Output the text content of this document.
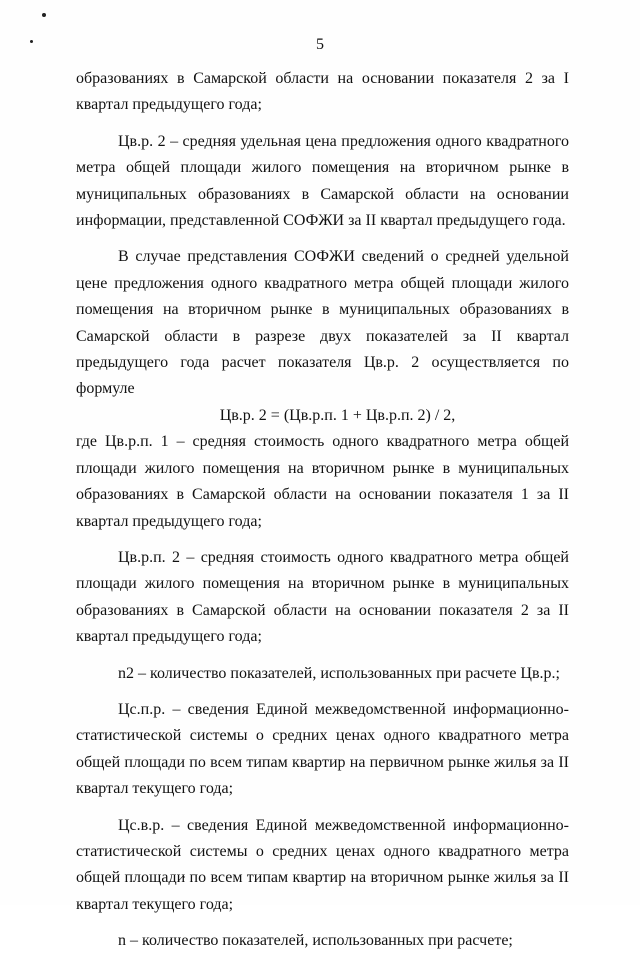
5

образованиях в Самарской области на основании показателя 2 за I квартал предыдущего года;

Цв.р. 2 – средняя удельная цена предложения одного квадратного метра общей площади жилого помещения на вторичном рынке в муниципальных образованиях в Самарской области на основании информации, представленной СОФЖИ за II квартал предыдущего года.

В случае представления СОФЖИ сведений о средней удельной цене предложения одного квадратного метра общей площади жилого помещения на вторичном рынке в муниципальных образованиях в Самарской области в разрезе двух показателей за II квартал предыдущего года расчет показателя Цв.р. 2 осуществляется по формуле

Цв.р. 2 = (Цв.р.п. 1 + Цв.р.п. 2) / 2,

где Цв.р.п. 1 – средняя стоимость одного квадратного метра общей площади жилого помещения на вторичном рынке в муниципальных образованиях в Самарской области на основании показателя 1 за II квартал предыдущего года;

Цв.р.п. 2 – средняя стоимость одного квадратного метра общей площади жилого помещения на вторичном рынке в муниципальных образованиях в Самарской области на основании показателя 2 за II квартал предыдущего года;

n2 – количество показателей, использованных при расчете Цв.р.;

Цс.п.р. – сведения Единой межведомственной информационно-статистической системы о средних ценах одного квадратного метра общей площади по всем типам квартир на первичном рынке жилья за II квартал текущего года;

Цс.в.р. – сведения Единой межведомственной информационно-статистической системы о средних ценах одного квадратного метра общей площади по всем типам квартир на вторичном рынке жилья за II квартал текущего года;

n – количество показателей, использованных при расчете;
